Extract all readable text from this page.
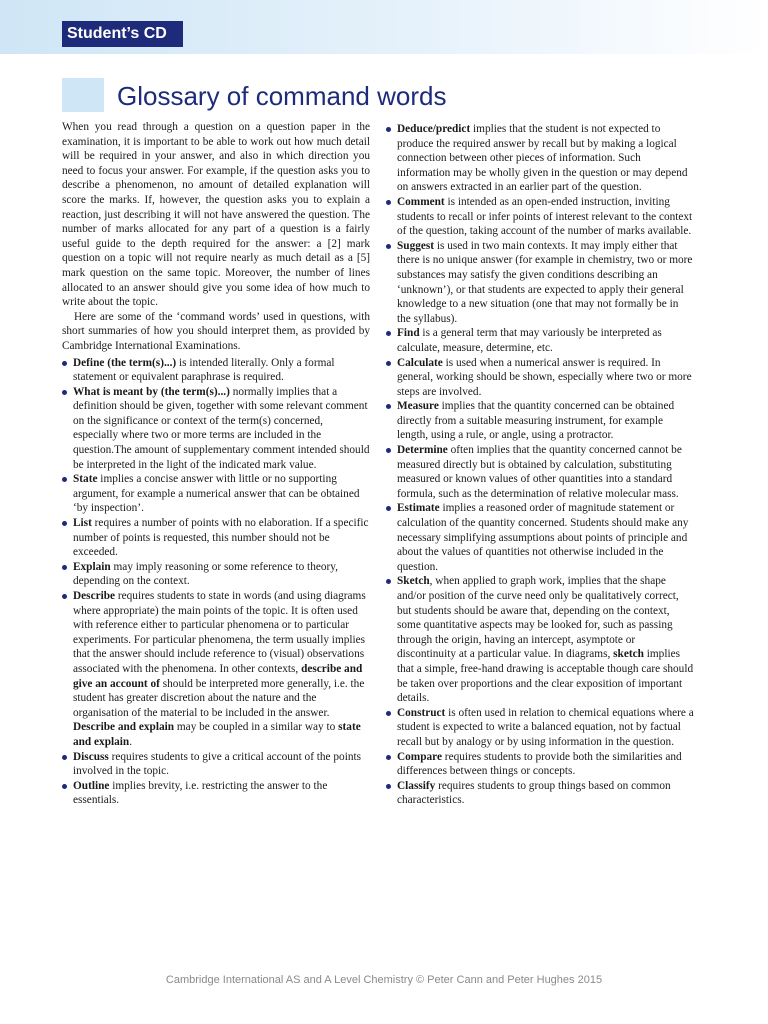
Student’s CD
Glossary of command words

When you read through a question on a question paper in the examination, it is important to be able to work out how much detail will be required in your answer, and also in which direction you need to focus your answer. For example, if the question asks you to describe a phenomenon, no amount of detailed explanation will score the marks. If, however, the question asks you to explain a reaction, just describing it will not have answered the question. The number of marks allocated for any part of a question is a fairly useful guide to the depth required for the answer: a [2] mark question on a topic will not require nearly as much detail as a [5] mark question on the same topic. Moreover, the number of lines allocated to an answer should give you some idea of how much to write about the topic.

Here are some of the ‘command words’ used in questions, with short summaries of how you should interpret them, as provided by Cambridge International Examinations.

Define (the term(s)...) is intended literally. Only a formal statement or equivalent paraphrase is required.
What is meant by (the term(s)...) normally implies that a definition should be given, together with some relevant comment on the significance or context of the term(s) concerned, especially where two or more terms are included in the question.The amount of supplementary comment intended should be interpreted in the light of the indicated mark value.
State implies a concise answer with little or no supporting argument, for example a numerical answer that can be obtained ‘by inspection’.
List requires a number of points with no elaboration. If a specific number of points is requested, this number should not be exceeded.
Explain may imply reasoning or some reference to theory, depending on the context.
Describe requires students to state in words (and using diagrams where appropriate) the main points of the topic. It is often used with reference either to particular phenomena or to particular experiments. For particular phenomena, the term usually implies that the answer should include reference to (visual) observations associated with the phenomena. In other contexts, describe and give an account of should be interpreted more generally, i.e. the student has greater discretion about the nature and the organisation of the material to be included in the answer. Describe and explain may be coupled in a similar way to state and explain.
Discuss requires students to give a critical account of the points involved in the topic.
Outline implies brevity, i.e. restricting the answer to the essentials.
Deduce/predict implies that the student is not expected to produce the required answer by recall but by making a logical connection between other pieces of information. Such information may be wholly given in the question or may depend on answers extracted in an earlier part of the question.
Comment is intended as an open-ended instruction, inviting students to recall or infer points of interest relevant to the context of the question, taking account of the number of marks available.
Suggest is used in two main contexts. It may imply either that there is no unique answer (for example in chemistry, two or more substances may satisfy the given conditions describing an ‘unknown’), or that students are expected to apply their general knowledge to a new situation (one that may not formally be in the syllabus).
Find is a general term that may variously be interpreted as calculate, measure, determine, etc.
Calculate is used when a numerical answer is required. In general, working should be shown, especially where two or more steps are involved.
Measure implies that the quantity concerned can be obtained directly from a suitable measuring instrument, for example length, using a rule, or angle, using a protractor.
Determine often implies that the quantity concerned cannot be measured directly but is obtained by calculation, substituting measured or known values of other quantities into a standard formula, such as the determination of relative molecular mass.
Estimate implies a reasoned order of magnitude statement or calculation of the quantity concerned. Students should make any necessary simplifying assumptions about points of principle and about the values of quantities not otherwise included in the question.
Sketch, when applied to graph work, implies that the shape and/or position of the curve need only be qualitatively correct, but students should be aware that, depending on the context, some quantitative aspects may be looked for, such as passing through the origin, having an intercept, asymptote or discontinuity at a particular value. In diagrams, sketch implies that a simple, free-hand drawing is acceptable though care should be taken over proportions and the clear exposition of important details.
Construct is often used in relation to chemical equations where a student is expected to write a balanced equation, not by factual recall but by analogy or by using information in the question.
Compare requires students to provide both the similarities and differences between things or concepts.
Classify requires students to group things based on common characteristics.
Cambridge International AS and A Level Chemistry © Peter Cann and Peter Hughes 2015
